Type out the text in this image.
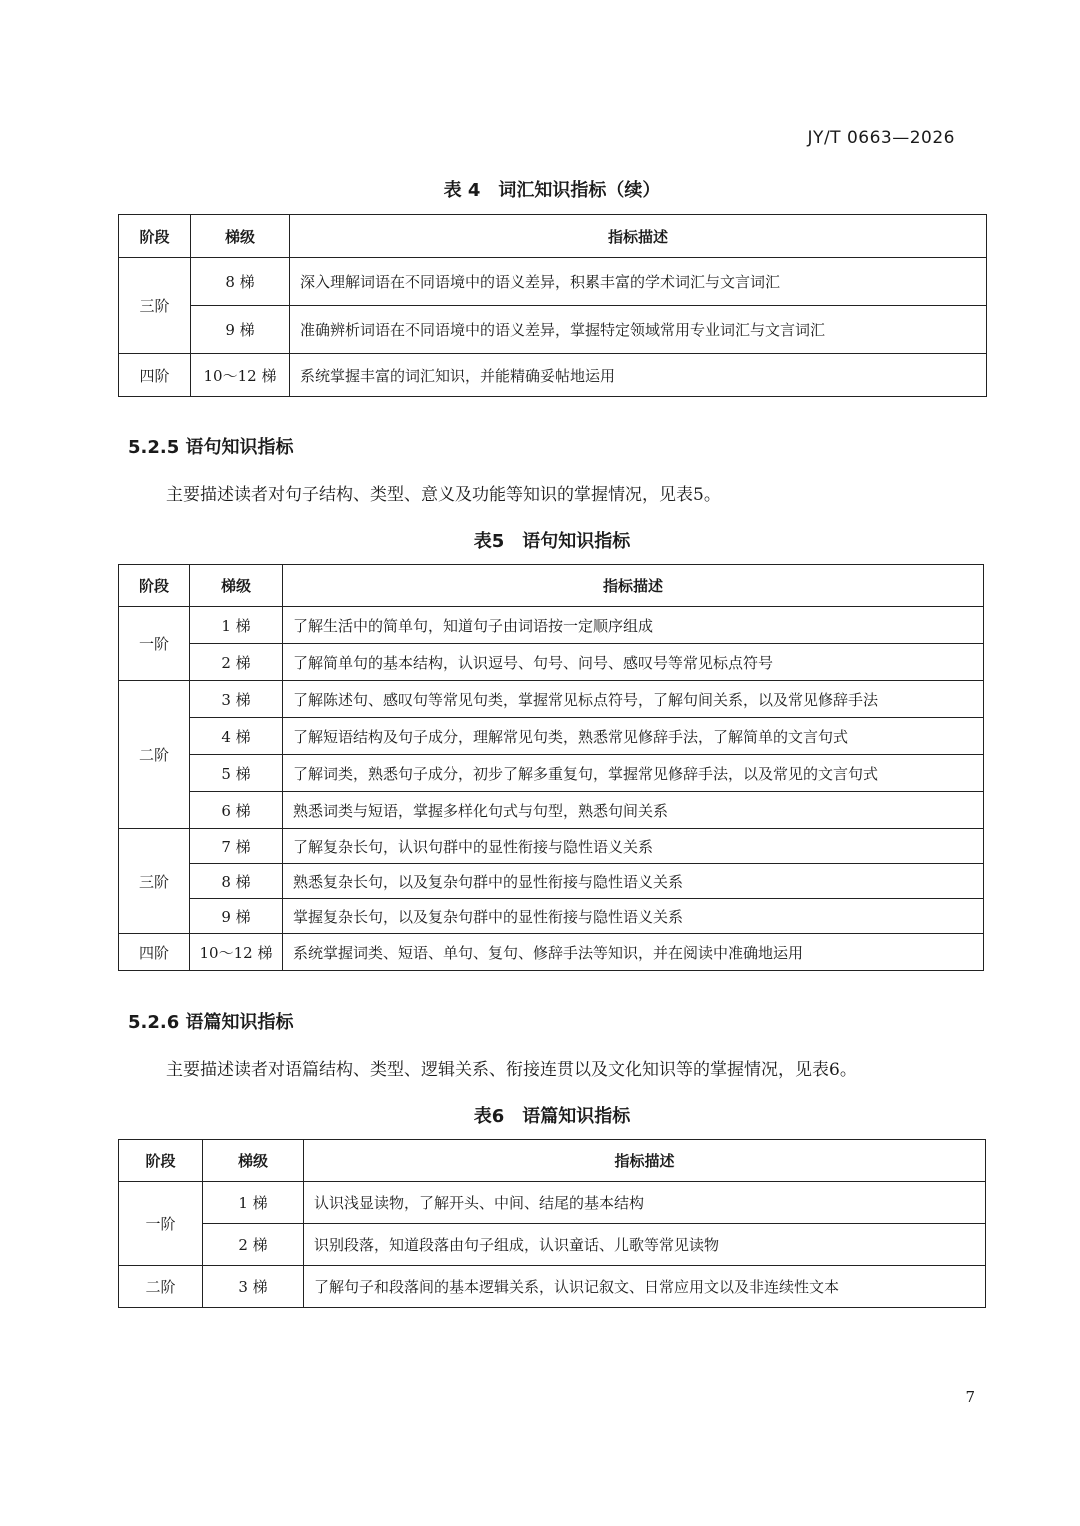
JY/T 0663—2026
表 4　词汇知识指标（续）
阶段	梯级	指标描述
三阶	8 梯	深入理解词语在不同语境中的语义差异，积累丰富的学术词汇与文言词汇
	9 梯	准确辨析词语在不同语境中的语义差异，掌握特定领域常用专业词汇与文言词汇
四阶	10～12 梯	系统掌握丰富的词汇知识，并能精确妥帖地运用
5.2.5 语句知识指标
主要描述读者对句子结构、类型、意义及功能等知识的掌握情况，见表5。
表5　语句知识指标
阶段	梯级	指标描述
一阶	1 梯	了解生活中的简单句，知道句子由词语按一定顺序组成
	2 梯	了解简单句的基本结构，认识逗号、句号、问号、感叹号等常见标点符号
二阶	3 梯	了解陈述句、感叹句等常见句类，掌握常见标点符号，了解句间关系，以及常见修辞手法
	4 梯	了解短语结构及句子成分，理解常见句类，熟悉常见修辞手法，了解简单的文言句式
	5 梯	了解词类，熟悉句子成分，初步了解多重复句，掌握常见修辞手法，以及常见的文言句式
	6 梯	熟悉词类与短语，掌握多样化句式与句型，熟悉句间关系
三阶	7 梯	了解复杂长句，认识句群中的显性衔接与隐性语义关系
	8 梯	熟悉复杂长句，以及复杂句群中的显性衔接与隐性语义关系
	9 梯	掌握复杂长句，以及复杂句群中的显性衔接与隐性语义关系
四阶	10～12 梯	系统掌握词类、短语、单句、复句、修辞手法等知识，并在阅读中准确地运用
5.2.6 语篇知识指标
主要描述读者对语篇结构、类型、逻辑关系、衔接连贯以及文化知识等的掌握情况，见表6。
表6　语篇知识指标
阶段	梯级	指标描述
一阶	1 梯	认识浅显读物，了解开头、中间、结尾的基本结构
	2 梯	识别段落，知道段落由句子组成，认识童话、儿歌等常见读物
二阶	3 梯	了解句子和段落间的基本逻辑关系，认识记叙文、日常应用文以及非连续性文本
7
